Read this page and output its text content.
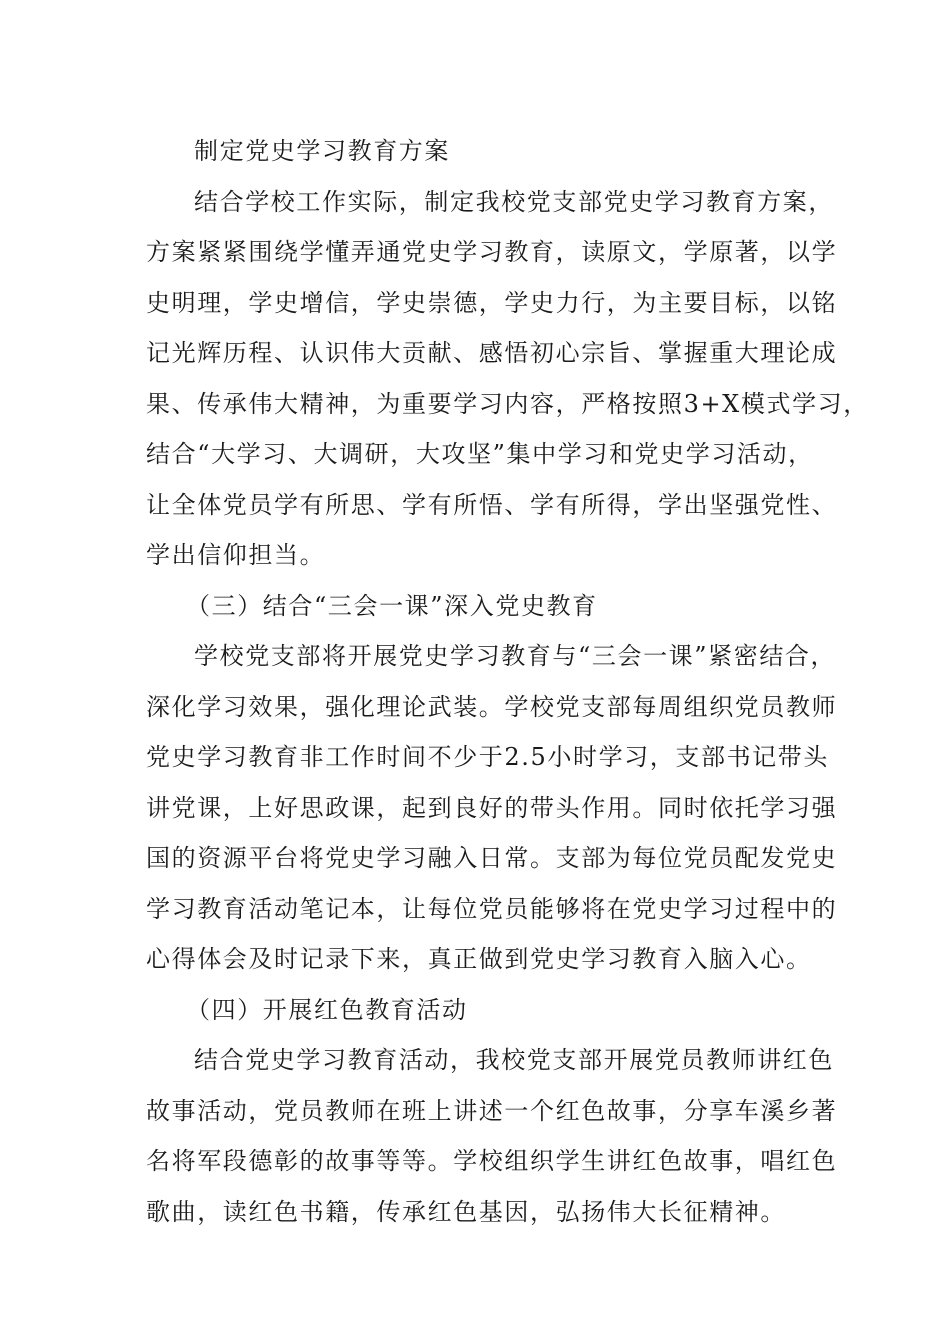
制定党史学习教育方案
结合学校工作实际，制定我校党支部党史学习教育方案，
方案紧紧围绕学懂弄通党史学习教育，读原文，学原著，以学
史明理，学史增信，学史崇德，学史力行，为主要目标，以铭
记光辉历程、认识伟大贡献、感悟初心宗旨、掌握重大理论成
果、传承伟大精神，为重要学习内容，严格按照3+X模式学习，
结合“大学习、大调研，大攻坚”集中学习和党史学习活动，
让全体党员学有所思、学有所悟、学有所得，学出坚强党性、
学出信仰担当。
（三）结合“三会一课”深入党史教育
学校党支部将开展党史学习教育与“三会一课”紧密结合，
深化学习效果，强化理论武装。学校党支部每周组织党员教师
党史学习教育非工作时间不少于2.5小时学习，支部书记带头
讲党课，上好思政课，起到良好的带头作用。同时依托学习强
国的资源平台将党史学习融入日常。支部为每位党员配发党史
学习教育活动笔记本，让每位党员能够将在党史学习过程中的
心得体会及时记录下来，真正做到党史学习教育入脑入心。
（四）开展红色教育活动
结合党史学习教育活动，我校党支部开展党员教师讲红色
故事活动，党员教师在班上讲述一个红色故事，分享车溪乡著
名将军段德彰的故事等等。学校组织学生讲红色故事，唱红色
歌曲，读红色书籍，传承红色基因，弘扬伟大长征精神。
